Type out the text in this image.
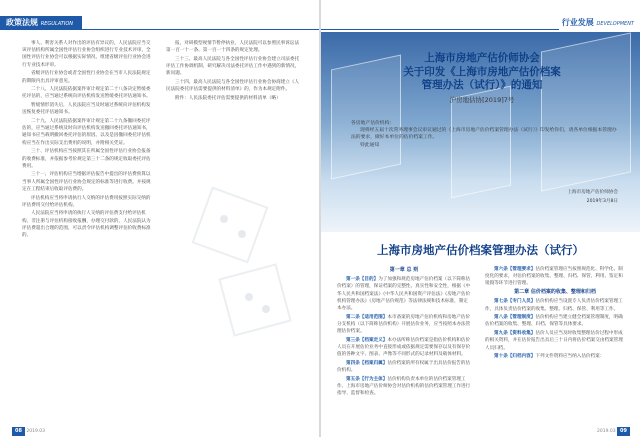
政策法规 REGULATION

事人、利害关系人对作出的评估有异议的，人民法院应当交该评估机构所属全国性评估行业协会组织进行专业技术评审，全国性评估行业协会可以根据实际情况，组建省级评估行业协会进行专业技术评审。

省级评估行业协会或者全国性行业协会在当市人民法院规定的期限内出具评审意见。

二十八、人民法院依据案件审计规定第二十八条决定暂缓委托评估的，应当通过系统向评估机构发送暂缓委托评估通知书。

暂缓情形消失后，人民法院应当及时通过系统向评估机构发送恢复委托评估通知书。

二十九、人民法院依据案件审计规定第二十九条撤回委托评估的，应当通过系统及时向评估机构发送撤回委托评估通知书，通知书应当载明撤回委托评估的原因。以及是因撤回委托评估机构应当在作出实际支出费用的说明，并附相关凭证。

三十、评估机构应当按照其在所属全国性评估行业协会报备的收费标准，并依据参考价规定第三十二条的规定收取委托评估费用。

三十一、评估机构应当增据评估报告中提出的评估费预算以当事人所属全国性评估行业协会规定的标准等进行收费。并按规定在工程结束后收取评估费的。

评估机构应当将申请执行人交纳的评估费用按照实际交纳的评估费用交付给评估机构。

人民法院应当将申请的执行人交纳的评估费支付给评估机构。非注册与评估机构接收报酬，办理交付款的，人民法院认为评估费超出合理的范围，可以责令评估机构调整评估价收费标准的。

报，对研模型视情节暂停执业，人民法院可以参照民事诉讼法第一百一十一条、第一百一十四条的规定处理。

三十三、最高人民法院与各全国性评估行业协会建立司法委托评估工作协调机制，研究解决司法委托评估工作中遇到的新情况，新问题。

三十四、最高人民法院与各全国性评估行业协会协商建立《人民法院委托评估需要提供的材料清单》的，作为本规定附件。

附件：人民法院委托评估需要提供的材料清单（略）

08 2019.03
行业发展 DEVELOPMENT
上海市房地产估价师协会
关于印发《上海市房地产估价档案
管理办法（试行）》的通知
沪房地估协[2019]7号
各房地产估价机构：
现将经五届十次常务理事会议审议通过的《上海市房地产估价档案管理办法（试行）》印发给你们，请各单位根据本管理办法的要求，做好本单位的估价档案工作。
特此通知
上海市房地产估价师协会
2019年3月8日
上海市房地产估价档案管理办法（试行）
第一章 总 则

第一条【目的】为了加强和规范房地产估价档案（以下简称估价档案）的管理，保证档案的完整性、真实性和安全性，根据《中华人民共和国档案法》《中华人民共和国资产评估法》《房地产估价机构管理办法》《房地产估价规范》等法律法规和技术标准，制定本办法。

第二条【适用范围】本市备案的房地产估价机构和房地产估价分支机构（以下简称估价机构）开展估价业务，应当按照本办法管理估价档案。

第三条【档案定义】本办法所称估价档案是指估价机构和估价人员在开展估价业务中直接形成或依据规定需要保存以及有保存价值的各种文字、图表、声像等不同形式的记录材料及载体材料。

第四条【档案归属】估价档案的所有权属于出具估价报告的估价机构。

第五条【行为主体】估价机构负责本单位的估价档案管理工作。上海市房地产估价师协会对估价机构的估价档案管理工作进行指导、监督和检查。

第六条【管理要求】估价档案管理应当按照规范化、科学化、制度化的要求，对估价档案的收集、整理、归档、保管、利用、鉴定和销毁等环节进行管理。

第二章 估价档案的收集、整理和归档

第七条【专门人员】估价机构应当设置专人负责估价档案管理工作，具体负责估价档案的收集、整理、归档、保管、利用等工作。

第八条【管理制度】估价机构应当建立健全档案管理制度，明确估价档案的收集、整理、归档、保管等具体要求。

第九条【资料收集】估价人员应当及时收集整理估价过程中形成的相关资料，并在估价报告出具后三十日内将估价档案交由档案管理人员归档。

第十条【归档内容】下列文件资料应当纳入估价档案：

2019.03 09
